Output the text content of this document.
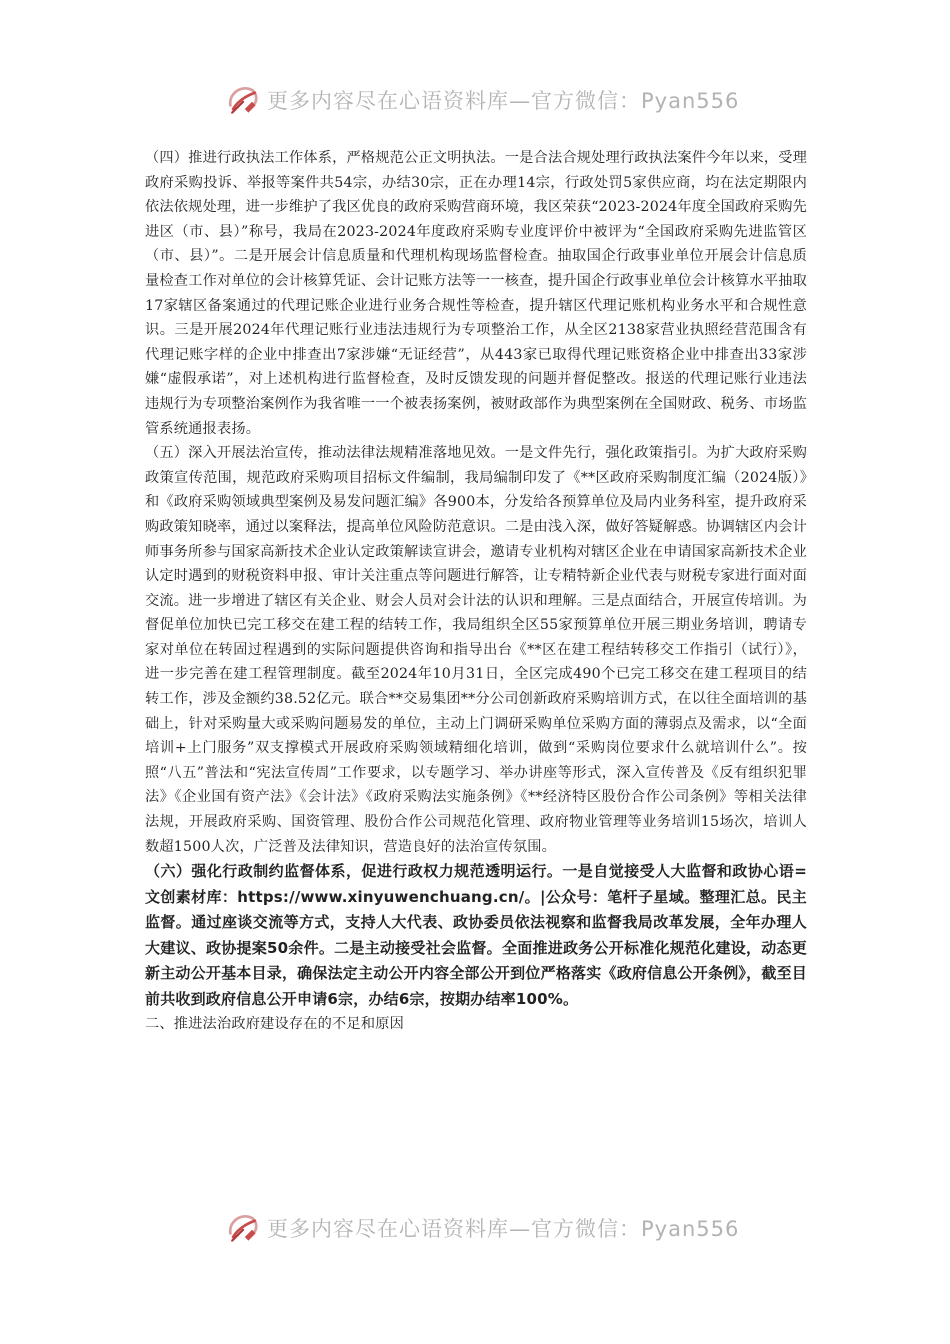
更多内容尽在心语资料库—官方微信：Pyan556

（四）推进行政执法工作体系，严格规范公正文明执法。一是合法合规处理行政执法案件今年以来，受理政府采购投诉、举报等案件共54宗，办结30宗，正在办理14宗，行政处罚5家供应商，均在法定期限内依法依规处理，进一步维护了我区优良的政府采购营商环境，我区荣获“2023-2024年度全国政府采购先进区（市、县）”称号，我局在2023-2024年度政府采购专业度评价中被评为“全国政府采购先进监管区（市、县）”。二是开展会计信息质量和代理机构现场监督检查。抽取国企行政事业单位开展会计信息质量检查工作对单位的会计核算凭证、会计记账方法等一一核查，提升国企行政事业单位会计核算水平抽取17家辖区备案通过的代理记账企业进行业务合规性等检查，提升辖区代理记账机构业务水平和合规性意识。三是开展2024年代理记账行业违法违规行为专项整治工作，从全区2138家营业执照经营范围含有代理记账字样的企业中排查出7家涉嫌“无证经营”，从443家已取得代理记账资格企业中排查出33家涉嫌“虚假承诺”，对上述机构进行监督检查，及时反馈发现的问题并督促整改。报送的代理记账行业违法违规行为专项整治案例作为我省唯一一个被表扬案例，被财政部作为典型案例在全国财政、税务、市场监管系统通报表扬。

（五）深入开展法治宣传，推动法律法规精准落地见效。一是文件先行，强化政策指引。为扩大政府采购政策宣传范围，规范政府采购项目招标文件编制，我局编制印发了《**区政府采购制度汇编（2024版）》和《政府采购领域典型案例及易发问题汇编》各900本，分发给各预算单位及局内业务科室，提升政府采购政策知晓率，通过以案释法，提高单位风险防范意识。二是由浅入深，做好答疑解惑。协调辖区内会计师事务所参与国家高新技术企业认定政策解读宣讲会，邀请专业机构对辖区企业在申请国家高新技术企业认定时遇到的财税资料申报、审计关注重点等问题进行解答，让专精特新企业代表与财税专家进行面对面交流。进一步增进了辖区有关企业、财会人员对会计法的认识和理解。三是点面结合，开展宣传培训。为督促单位加快已完工移交在建工程的结转工作，我局组织全区55家预算单位开展三期业务培训，聘请专家对单位在转固过程遇到的实际问题提供咨询和指导出台《**区在建工程结转移交工作指引（试行）》，进一步完善在建工程管理制度。截至2024年10月31日，全区完成490个已完工移交在建工程项目的结转工作，涉及金额约38.52亿元。联合**交易集团**分公司创新政府采购培训方式，在以往全面培训的基础上，针对采购量大或采购问题易发的单位，主动上门调研采购单位采购方面的薄弱点及需求，以“全面培训+上门服务”双支撑模式开展政府采购领域精细化培训，做到“采购岗位要求什么就培训什么”。按照“八五”普法和“宪法宣传周”工作要求，以专题学习、举办讲座等形式，深入宣传普及《反有组织犯罪法》《企业国有资产法》《会计法》《政府采购法实施条例》《**经济特区股份合作公司条例》等相关法律法规，开展政府采购、国资管理、股份合作公司规范化管理、政府物业管理等业务培训15场次，培训人数超1500人次，广泛普及法律知识，营造良好的法治宣传氛围。

（六）强化行政制约监督体系，促进行政权力规范透明运行。一是自觉接受人大监督和政协心语=文创素材库：https://www.xinyuwenchuang.cn/。|公众号：笔杆子星域。整理汇总。民主监督。通过座谈交流等方式，支持人大代表、政协委员依法视察和监督我局改革发展，全年办理人大建议、政协提案50余件。二是主动接受社会监督。全面推进政务公开标准化规范化建设，动态更新主动公开基本目录，确保法定主动公开内容全部公开到位严格落实《政府信息公开条例》，截至目前共收到政府信息公开申请6宗，办结6宗，按期办结率100%。

二、推进法治政府建设存在的不足和原因

更多内容尽在心语资料库—官方微信：Pyan556
